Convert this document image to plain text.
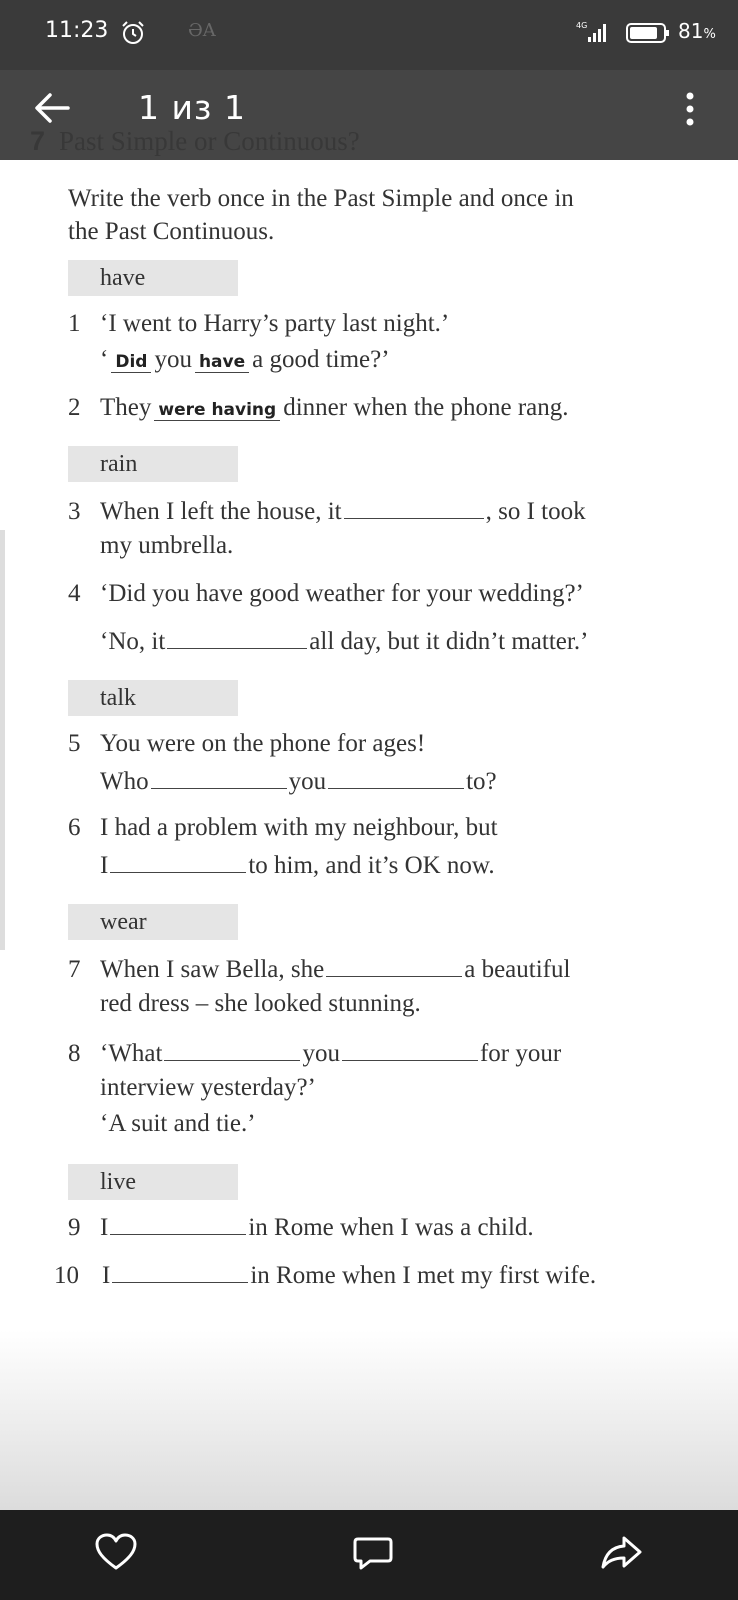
11:23	ƏA	4G	81%
Write the verb once in the Past Simple and once in
the Past Continuous.
have
1 ‘I went to Harry’s party last night.’
‘ Did you have a good time?’
2 They were having dinner when the phone rang.
rain
3 When I left the house, it	, so I took
my umbrella.
4 ‘Did you have good weather for your wedding?’
‘No, it	all day, but it didn’t matter.’
talk
5 You were on the phone for ages!
Who	you	to?
6 I had a problem with my neighbour, but
I	to him, and it’s OK now.
wear
7 When I saw Bella, she	a beautiful
red dress – she looked stunning.
8 ‘What	you	for your
interview yesterday?’
‘A suit and tie.’
live
9 I	in Rome when I was a child.
10 I	in Rome when I met my first wife.
1 из 1
